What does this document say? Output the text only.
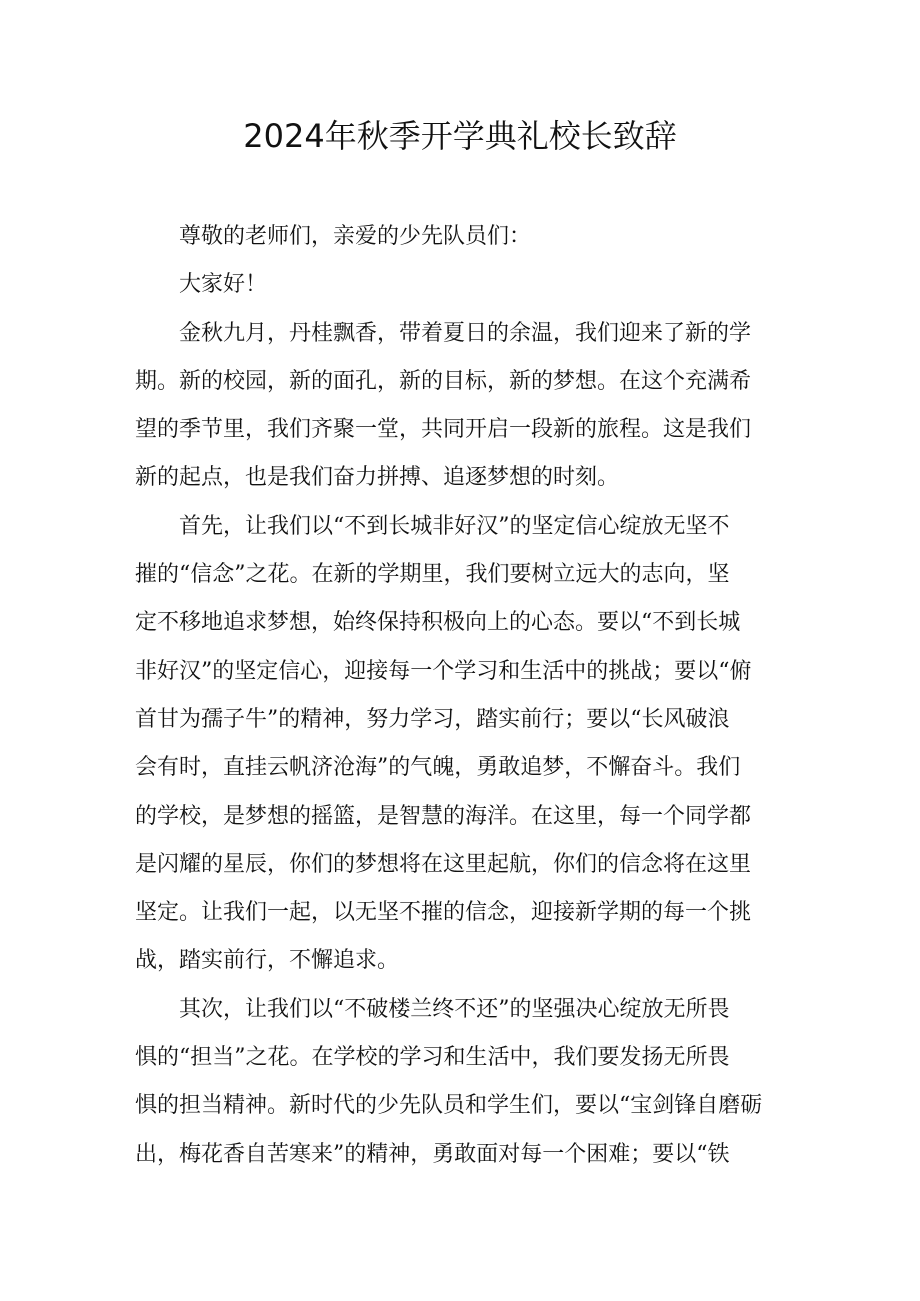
2024年秋季开学典礼校长致辞
尊敬的老师们，亲爱的少先队员们：
大家好！
金秋九月，丹桂飘香，带着夏日的余温，我们迎来了新的学
期。新的校园，新的面孔，新的目标，新的梦想。在这个充满希
望的季节里，我们齐聚一堂，共同开启一段新的旅程。这是我们
新的起点，也是我们奋力拼搏、追逐梦想的时刻。
首先，让我们以“不到长城非好汉”的坚定信心绽放无坚不
摧的“信念”之花。在新的学期里，我们要树立远大的志向，坚
定不移地追求梦想，始终保持积极向上的心态。要以“不到长城
非好汉”的坚定信心，迎接每一个学习和生活中的挑战；要以“俯
首甘为孺子牛”的精神，努力学习，踏实前行；要以“长风破浪
会有时，直挂云帆济沧海”的气魄，勇敢追梦，不懈奋斗。我们
的学校，是梦想的摇篮，是智慧的海洋。在这里，每一个同学都
是闪耀的星辰，你们的梦想将在这里起航，你们的信念将在这里
坚定。让我们一起，以无坚不摧的信念，迎接新学期的每一个挑
战，踏实前行，不懈追求。
其次，让我们以“不破楼兰终不还”的坚强决心绽放无所畏
惧的“担当”之花。在学校的学习和生活中，我们要发扬无所畏
惧的担当精神。新时代的少先队员和学生们，要以“宝剑锋自磨砺
出，梅花香自苦寒来”的精神，勇敢面对每一个困难；要以“铁
